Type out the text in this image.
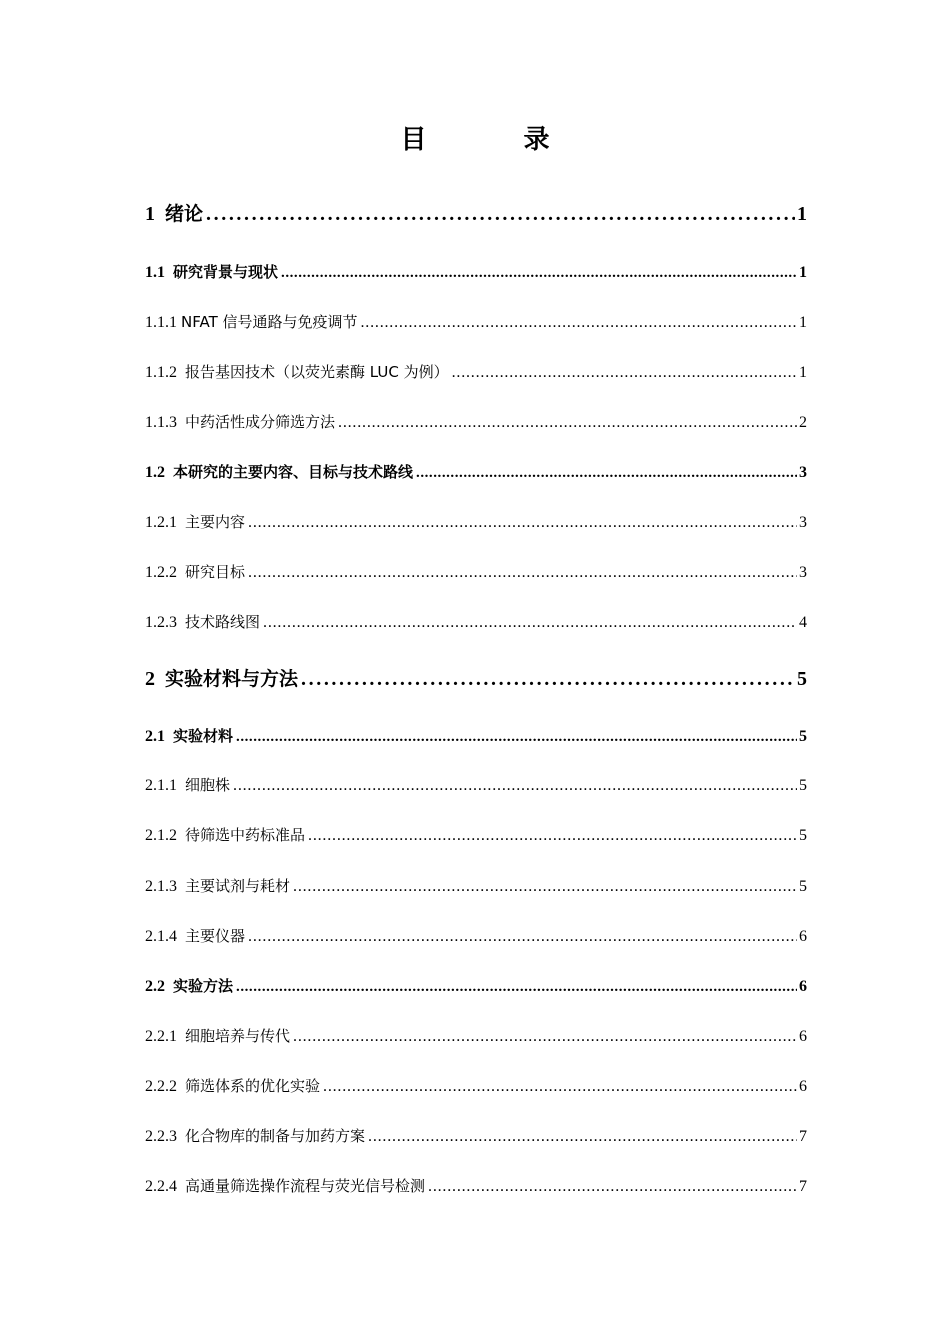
目 录
1 绪论 . . .	1
1.1 研究背景与现状 . . .	1
1.1.1 NFAT 信号通路与免疫调节 . . .	1
1.1.2 报告基因技术（以荧光素酶 LUC 为例） . . .	1
1.1.3 中药活性成分筛选方法 . . .	2
1.2 本研究的主要内容、目标与技术路线 . . .	3
1.2.1 主要内容 . . .	3
1.2.2 研究目标 . . .	3
1.2.3 技术路线图 . . .	4
2 实验材料与方法 . . .	5
2.1 实验材料 . . .	5
2.1.1 细胞株 . . .	5
2.1.2 待筛选中药标准品 . . .	5
2.1.3 主要试剂与耗材 . . .	5
2.1.4 主要仪器 . . .	6
2.2 实验方法 . . .	6
2.2.1 细胞培养与传代 . . .	6
2.2.2 筛选体系的优化实验 . . .	6
2.2.3 化合物库的制备与加药方案 . . .	7
2.2.4 高通量筛选操作流程与荧光信号检测 . . .	7
